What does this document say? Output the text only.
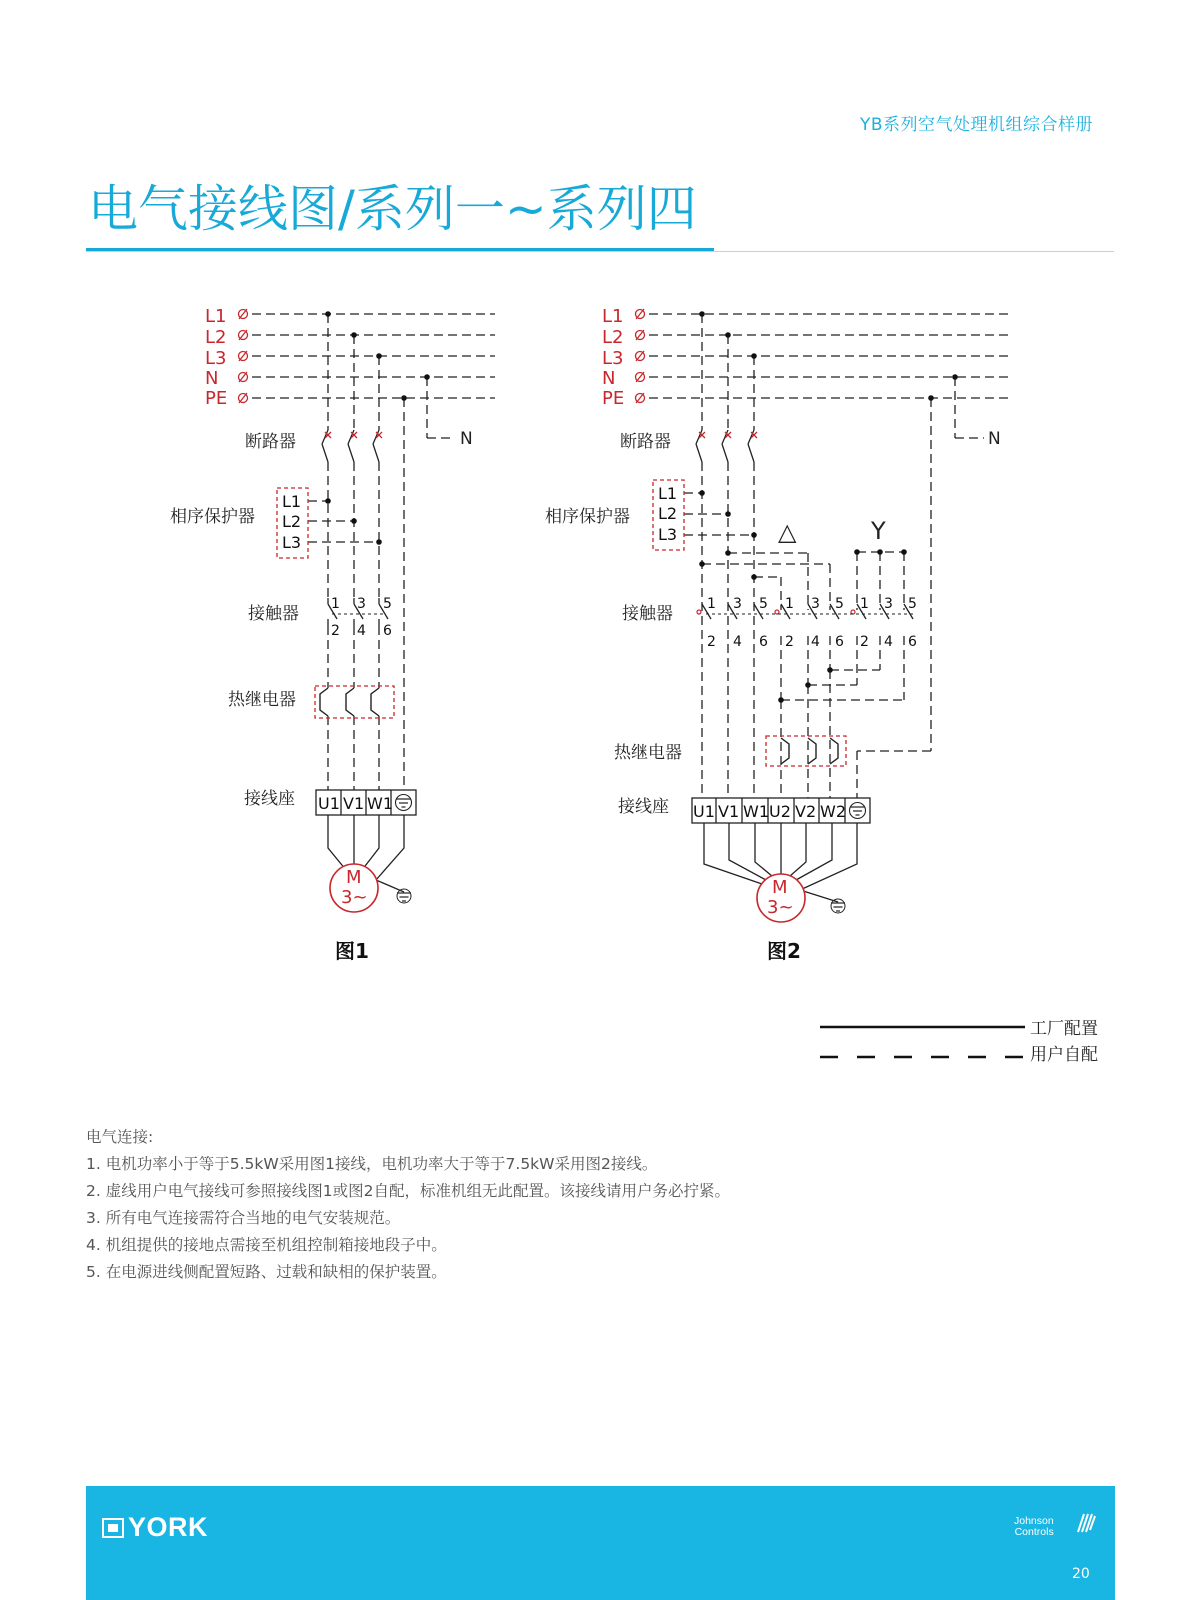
YB系列空气处理机组综合样册
电气接线图/系列一~系列四
L1
L2
L3
N
PE
N
断路器
相序保护器
L1
L2
L3
接触器 1 3 5
2 4 6
热继电器
接线座 U1 V1 W1
M
3~
图1
L1
L2
L3
N
PE
N
断路器
相序保护器
L1
L2
L3	△	Y
接触器 1 3 5 1 3 5 1 3 5
2 4 6 2 4 6 2 4 6
热继电器
接线座 U1 V1 W1 U2 V2 W2
M
3~
图2
工厂配置
用户自配
电气连接:
1. 电机功率小于等于5.5kW采用图1接线，电机功率大于等于7.5kW采用图2接线。
2. 虚线用户电气接线可参照接线图1或图2自配，标准机组无此配置。该接线请用户务必拧紧。
3. 所有电气连接需符合当地的电气安装规范。
4. 机组提供的接地点需接至机组控制箱接地段子中。
5. 在电源进线侧配置短路、过载和缺相的保护装置。
YORK	Johnson
Controls
20
